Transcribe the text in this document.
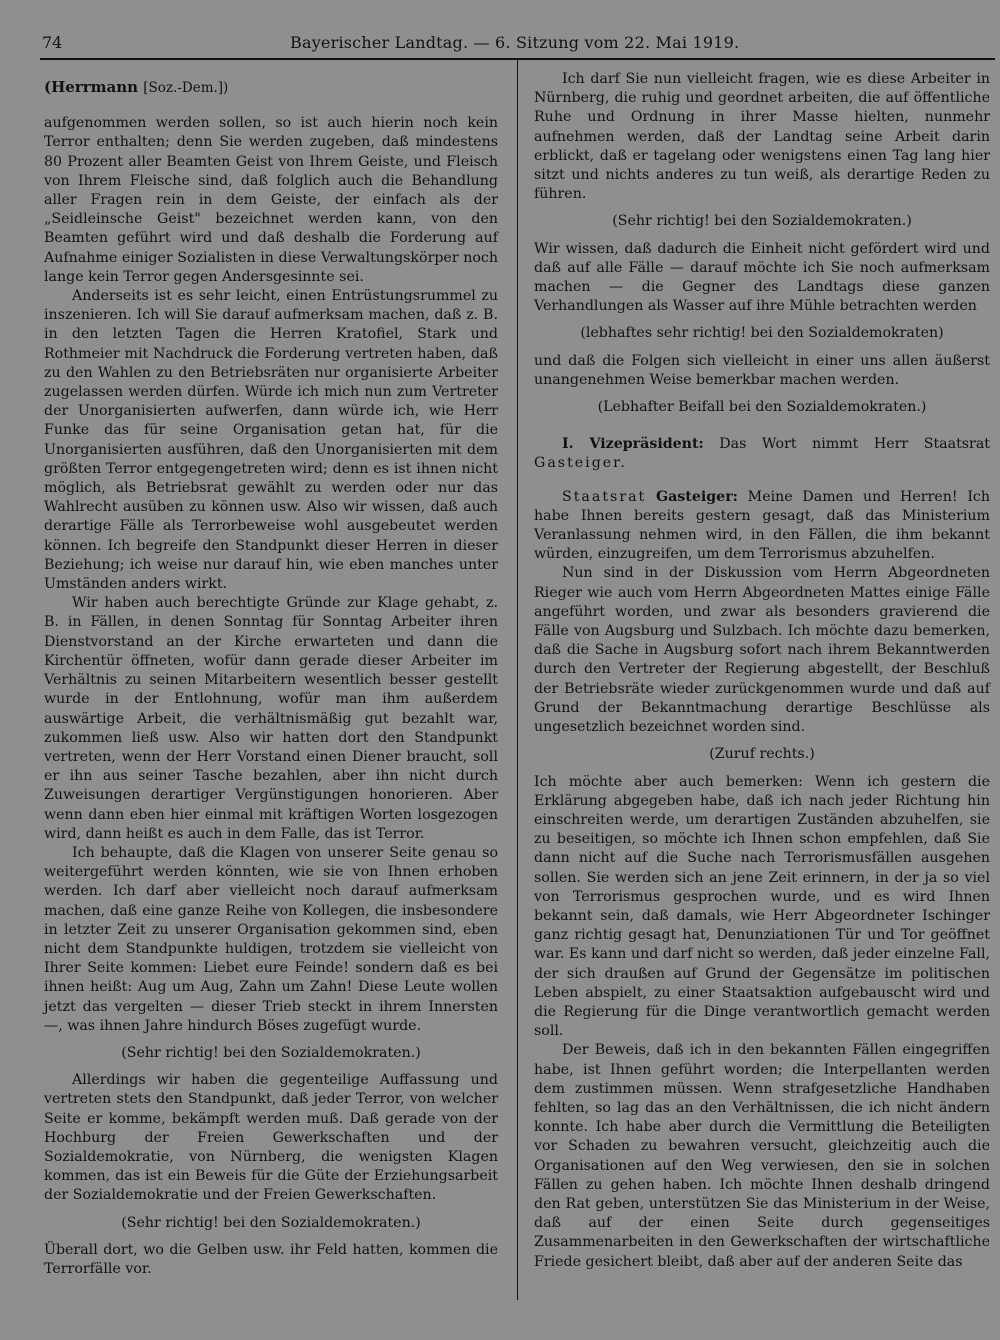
74	Bayerischer Landtag. — 6. Sitzung vom 22. Mai 1919.
(Herrmann [Soz.-Dem.])

aufgenommen werden sollen, so ist auch hierin noch kein Terror enthalten; denn Sie werden zugeben, daß mindestens 80 Prozent aller Beamten Geist von Ihrem Geiste, und Fleisch von Ihrem Fleische sind, daß folglich auch die Behandlung aller Fragen rein in dem Geiste, der einfach als der „Seidleinsche Geist" bezeichnet werden kann, von den Beamten geführt wird und daß deshalb die Forderung auf Aufnahme einiger Sozialisten in diese Verwaltungskörper noch lange kein Terror gegen Andersgesinnte sei.

Anderseits ist es sehr leicht, einen Entrüstungsrummel zu inszenieren. Ich will Sie darauf aufmerksam machen, daß z. B. in den letzten Tagen die Herren Kratofiel, Stark und Rothmeier mit Nachdruck die Forderung vertreten haben, daß zu den Wahlen zu den Betriebsräten nur organisierte Arbeiter zugelassen werden dürfen. Würde ich mich nun zum Vertreter der Unorganisierten aufwerfen, dann würde ich, wie Herr Funke das für seine Organisation getan hat, für die Unorganisierten ausführen, daß den Unorganisierten mit dem größten Terror entgegengetreten wird; denn es ist ihnen nicht möglich, als Betriebsrat gewählt zu werden oder nur das Wahlrecht ausüben zu können usw. Also wir wissen, daß auch derartige Fälle als Terrorbeweise wohl ausgebeutet werden können. Ich begreife den Standpunkt dieser Herren in dieser Beziehung; ich weise nur darauf hin, wie eben manches unter Umständen anders wirkt.

Wir haben auch berechtigte Gründe zur Klage gehabt, z. B. in Fällen, in denen Sonntag für Sonntag Arbeiter ihren Dienstvorstand an der Kirche erwarteten und dann die Kirchentür öffneten, wofür dann gerade dieser Arbeiter im Verhältnis zu seinen Mitarbeitern wesentlich besser gestellt wurde in der Entlohnung, wofür man ihm außerdem auswärtige Arbeit, die verhältnismäßig gut bezahlt war, zukommen ließ usw. Also wir hatten dort den Standpunkt vertreten, wenn der Herr Vorstand einen Diener braucht, soll er ihn aus seiner Tasche bezahlen, aber ihn nicht durch Zuweisungen derartiger Vergünstigungen honorieren. Aber wenn dann eben hier einmal mit kräftigen Worten losgezogen wird, dann heißt es auch in dem Falle, das ist Terror.

Ich behaupte, daß die Klagen von unserer Seite genau so weitergeführt werden könnten, wie sie von Ihnen erhoben werden. Ich darf aber vielleicht noch darauf aufmerksam machen, daß eine ganze Reihe von Kollegen, die insbesondere in letzter Zeit zu unserer Organisation gekommen sind, eben nicht dem Standpunkte huldigen, trotzdem sie vielleicht von Ihrer Seite kommen: Liebet eure Feinde! sondern daß es bei ihnen heißt: Aug um Aug, Zahn um Zahn! Diese Leute wollen jetzt das vergelten — dieser Trieb steckt in ihrem Innersten —, was ihnen Jahre hindurch Böses zugefügt wurde.

(Sehr richtig! bei den Sozialdemokraten.)

Allerdings wir haben die gegenteilige Auffassung und vertreten stets den Standpunkt, daß jeder Terror, von welcher Seite er komme, bekämpft werden muß. Daß gerade von der Hochburg der Freien Gewerkschaften und der Sozialdemokratie, von Nürnberg, die wenigsten Klagen kommen, das ist ein Beweis für die Güte der Erziehungsarbeit der Sozialdemokratie und der Freien Gewerkschaften.

(Sehr richtig! bei den Sozialdemokraten.)

Überall dort, wo die Gelben usw. ihr Feld hatten, kommen die Terrorfälle vor.

Ich darf Sie nun vielleicht fragen, wie es diese Arbeiter in Nürnberg, die ruhig und geordnet arbeiten, die auf öffentliche Ruhe und Ordnung in ihrer Masse hielten, nunmehr aufnehmen werden, daß der Landtag seine Arbeit darin erblickt, daß er tagelang oder wenigstens einen Tag lang hier sitzt und nichts anderes zu tun weiß, als derartige Reden zu führen.

(Sehr richtig! bei den Sozialdemokraten.)

Wir wissen, daß dadurch die Einheit nicht gefördert wird und daß auf alle Fälle — darauf möchte ich Sie noch aufmerksam machen — die Gegner des Landtags diese ganzen Verhandlungen als Wasser auf ihre Mühle betrachten werden

(lebhaftes sehr richtig! bei den Sozialdemokraten)

und daß die Folgen sich vielleicht in einer uns allen äußerst unangenehmen Weise bemerkbar machen werden.

(Lebhafter Beifall bei den Sozialdemokraten.)

I. Vizepräsident: Das Wort nimmt Herr Staatsrat Gasteiger.

Staatsrat Gasteiger: Meine Damen und Herren! Ich habe Ihnen bereits gestern gesagt, daß das Ministerium Veranlassung nehmen wird, in den Fällen, die ihm bekannt würden, einzugreifen, um dem Terrorismus abzuhelfen.

Nun sind in der Diskussion vom Herrn Abgeordneten Rieger wie auch vom Herrn Abgeordneten Mattes einige Fälle angeführt worden, und zwar als besonders gravierend die Fälle von Augsburg und Sulzbach. Ich möchte dazu bemerken, daß die Sache in Augsburg sofort nach ihrem Bekanntwerden durch den Vertreter der Regierung abgestellt, der Beschluß der Betriebsräte wieder zurückgenommen wurde und daß auf Grund der Bekanntmachung derartige Beschlüsse als ungesetzlich bezeichnet worden sind.

(Zuruf rechts.)

Ich möchte aber auch bemerken: Wenn ich gestern die Erklärung abgegeben habe, daß ich nach jeder Richtung hin einschreiten werde, um derartigen Zuständen abzuhelfen, sie zu beseitigen, so möchte ich Ihnen schon empfehlen, daß Sie dann nicht auf die Suche nach Terrorismusfällen ausgehen sollen. Sie werden sich an jene Zeit erinnern, in der ja so viel von Terrorismus gesprochen wurde, und es wird Ihnen bekannt sein, daß damals, wie Herr Abgeordneter Ischinger ganz richtig gesagt hat, Denunziationen Tür und Tor geöffnet war. Es kann und darf nicht so werden, daß jeder einzelne Fall, der sich draußen auf Grund der Gegensätze im politischen Leben abspielt, zu einer Staatsaktion aufgebauscht wird und die Regierung für die Dinge verantwortlich gemacht werden soll.

Der Beweis, daß ich in den bekannten Fällen eingegriffen habe, ist Ihnen geführt worden; die Interpellanten werden dem zustimmen müssen. Wenn strafgesetzliche Handhaben fehlten, so lag das an den Verhältnissen, die ich nicht ändern konnte. Ich habe aber durch die Vermittlung die Beteiligten vor Schaden zu bewahren versucht, gleichzeitig auch die Organisationen auf den Weg verwiesen, den sie in solchen Fällen zu gehen haben. Ich möchte Ihnen deshalb dringend den Rat geben, unterstützen Sie das Ministerium in der Weise, daß auf der einen Seite durch gegenseitiges Zusammenarbeiten in den Gewerkschaften der wirtschaftliche Friede gesichert bleibt, daß aber auf der anderen Seite das
